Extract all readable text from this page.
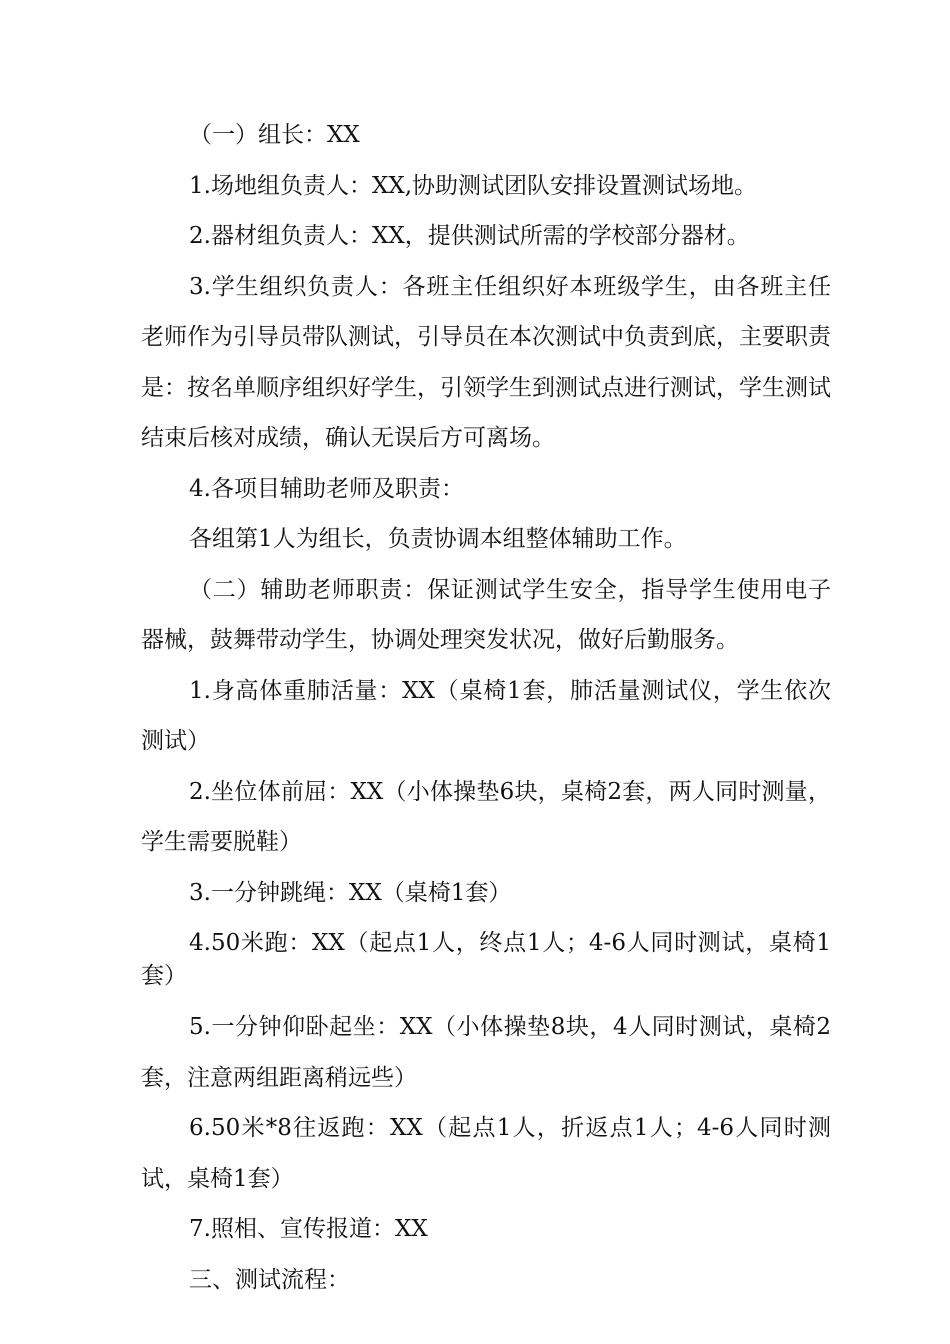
（一）组长：XX

1.场地组负责人：XX,协助测试团队安排设置测试场地。

2.器材组负责人：XX，提供测试所需的学校部分器材。

3.学生组织负责人：各班主任组织好本班级学生，由各班主任老师作为引导员带队测试，引导员在本次测试中负责到底，主要职责是：按名单顺序组织好学生，引领学生到测试点进行测试，学生测试结束后核对成绩，确认无误后方可离场。

4.各项目辅助老师及职责：

各组第1人为组长，负责协调本组整体辅助工作。

（二）辅助老师职责：保证测试学生安全，指导学生使用电子器械，鼓舞带动学生，协调处理突发状况，做好后勤服务。

1.身高体重肺活量：XX（桌椅1套，肺活量测试仪，学生依次测试）

2.坐位体前屈：XX（小体操垫6块，桌椅2套，两人同时测量，学生需要脱鞋）

3.一分钟跳绳：XX（桌椅1套）

4.50米跑：XX（起点1人，终点1人；4-6人同时测试，桌椅1套）

5.一分钟仰卧起坐：XX（小体操垫8块，4人同时测试，桌椅2套，注意两组距离稍远些）

6.50米*8往返跑：XX（起点1人，折返点1人；4-6人同时测试，桌椅1套）

7.照相、宣传报道：XX

三、测试流程：
